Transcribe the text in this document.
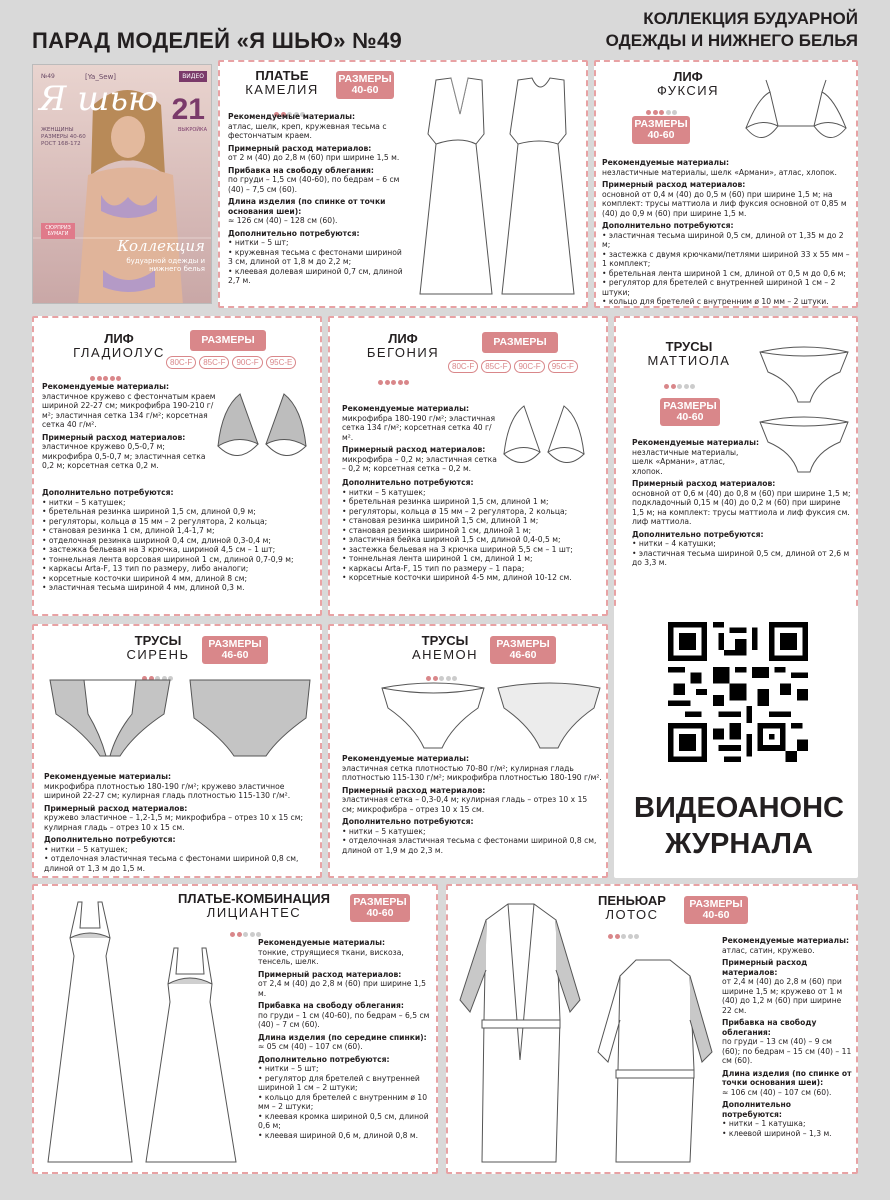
ПАРАД МОДЕЛЕЙ «Я ШЬЮ» №49
КОЛЛЕКЦИЯ БУДУАРНОЙ
ОДЕЖДЫ И НИЖНЕГО БЕЛЬЯ
№49	[Ya_Sew]
Я шью
ВИДЕО
21
ВЫКРОЙКА
ЖЕНЩИНЫ
РАЗМЕРЫ 40-60
РОСТ 168-172
СЮРПРИЗ БУМАГИ
Коллекция
будуарной одежды и нижнего белья
ПЛАТЬЕ
КАМЕЛИЯ
РАЗМЕРЫ
40-60
Рекомендуемые материалы:
атлас, шелк, креп, кружевная тесьма с фестончатым краем.
Примерный расход материалов:
от 2 м (40) до 2,8 м (60) при ширине 1,5 м.
Прибавка на свободу облегания:
по груди – 1,5 см (40-60), по бедрам – 6 см (40) – 7,5 см (60).
Длина изделия (по спинке от точки основания шеи):
≈ 126 см (40) – 128 см (60).
Дополнительно потребуются:
• нитки – 5 шт;
• кружевная тесьма с фестонами шириной 3 см, длиной от 1,8 м до 2,2 м;
• клеевая долевая шириной 0,7 см, длиной 2,7 м.
ЛИФ
ФУКСИЯ
РАЗМЕРЫ
40-60
Рекомендуемые материалы:
незластичные материалы, шелк «Армани», атлас, хлопок.
Примерный расход материалов:
основной от 0,4 м (40) до 0,5 м (60) при ширине 1,5 м; на комплект: трусы маттиола и лиф фуксия основной от 0,85 м (40) до 0,9 м (60) при ширине 1,5 м.
Дополнительно потребуются:
• эластичная тесьма шириной 0,5 см, длиной от 1,35 м до 2 м;
• застежка с двумя крючками/петлями шириной 33 х 55 мм – 1 комплект;
• бретельная лента шириной 1 см, длиной от 0,5 м до 0,6 м;
• регулятор для бретелей с внутренней шириной 1 см – 2 штуки;
• кольцо для бретелей с внутренним ø 10 мм – 2 штуки.
ЛИФ
ГЛАДИОЛУС
РАЗМЕРЫ
80C-F	85C-F	90C-F	95C-E
Рекомендуемые материалы:
эластичное кружево с фестончатым краем шириной 22-27 см; микрофибра 190-210 г/м²; эластичная сетка 134 г/м²; корсетная сетка 40 г/м².
Примерный расход материалов:
эластичное кружево 0,5-0,7 м; микрофибра 0,5-0,7 м; эластичная сетка 0,2 м; корсетная сетка 0,2 м.
Дополнительно потребуются:
• нитки – 5 катушек;
• бретельная резинка шириной 1,5 см, длиной 0,9 м;
• регуляторы, кольца ø 15 мм – 2 регулятора, 2 кольца;
• становая резинка 1 см, длиной 1,4-1,7 м;
• отделочная резинка шириной 0,4 см, длиной 0,3-0,4 м;
• застежка бельевая на 3 крючка, шириной 4,5 см – 1 шт;
• тоннельная лента ворсовая шириной 1 см, длиной 0,7-0,9 м;
• каркасы Arta-F, 13 тип по размеру, либо аналоги;
• корсетные косточки шириной 4 мм, длиной 8 см;
• эластичная тесьма шириной 4 мм, длиной 0,3 м.
ЛИФ
БЕГОНИЯ
РАЗМЕРЫ
80C-F	85C-F	90C-F	95C-F
Рекомендуемые материалы:
микрофибра 180-190 г/м²; эластичная сетка 134 г/м²; корсетная сетка 40 г/м².
Примерный расход материалов:
микрофибра – 0,2 м; эластичная сетка – 0,2 м; корсетная сетка – 0,2 м.
Дополнительно потребуются:
• нитки – 5 катушек;
• бретельная резинка шириной 1,5 см, длиной 1 м;
• регуляторы, кольца ø 15 мм – 2 регулятора, 2 кольца;
• становая резинка шириной 1,5 см, длиной 1 м;
• становая резинка шириной 1 см, длиной 1 м;
• эластичная бейка шириной 1,5 см, длиной 0,4-0,5 м;
• застежка бельевая на 3 крючка шириной 5,5 см – 1 шт;
• тоннельная лента шириной 1 см, длиной 1 м;
• каркасы Arta-F, 15 тип по размеру – 1 пара;
• корсетные косточки шириной 4-5 мм, длиной 10-12 см.
ТРУСЫ
МАТТИОЛА
РАЗМЕРЫ
40-60
Рекомендуемые материалы:
незластичные материалы, шелк «Армани», атлас, хлопок.
Примерный расход материалов:
основной от 0,6 м (40) до 0,8 м (60) при ширине 1,5 м; подкладочный 0,15 м (40) до 0,2 м (60) при ширине 1,5 м; на комплект: трусы маттиола и лиф фуксия см. лиф маттиола.
Дополнительно потребуются:
• нитки – 4 катушки;
• эластичная тесьма шириной 0,5 см, длиной от 2,6 м до 3,3 м.
ТРУСЫ
СИРЕНЬ
РАЗМЕРЫ
46-60
Рекомендуемые материалы:
микрофибра плотностью 180-190 г/м²; кружево эластичное шириной 22-27 см; кулирная гладь плотностью 115-130 г/м².
Примерный расход материалов:
кружево эластичное – 1,2-1,5 м; микрофибра – отрез 10 х 15 см; кулирная гладь – отрез 10 х 15 см.
Дополнительно потребуются:
• нитки – 5 катушек;
• отделочная эластичная тесьма с фестонами шириной 0,8 см, длиной от 1,3 м до 1,5 м.
ТРУСЫ
АНЕМОН
РАЗМЕРЫ
46-60
Рекомендуемые материалы:
эластичная сетка плотностью 70-80 г/м²; кулирная гладь плотностью 115-130 г/м²; микрофибра плотностью 180-190 г/м².
Примерный расход материалов:
эластичная сетка – 0,3-0,4 м; кулирная гладь – отрез 10 х 15 см; микрофибра – отрез 10 х 15 см.
Дополнительно потребуются:
• нитки – 5 катушек;
• отделочная эластичная тесьма с фестонами шириной 0,8 см, длиной от 1,9 м до 2,3 м.
ВИДЕОАНОНС
ЖУРНАЛА
ПЛАТЬЕ-КОМБИНАЦИЯ
ЛИЦИАНТЕС
РАЗМЕРЫ
40-60
Рекомендуемые материалы:
тонкие, струящиеся ткани, вискоза, тенсель, шелк.
Примерный расход материалов:
от 2,4 м (40) до 2,8 м (60) при ширине 1,5 м.
Прибавка на свободу облегания:
по груди – 1 см (40-60), по бедрам – 6,5 см (40) – 7 см (60).
Длина изделия (по середине спинки):
≈ 05 см (40) – 107 см (60).
Дополнительно потребуются:
• нитки – 5 шт;
• регулятор для бретелей с внутренней шириной 1 см – 2 штуки;
• кольцо для бретелей с внутренним ø 10 мм – 2 штуки;
• клеевая кромка шириной 0,5 см, длиной 0,6 м;
• клеевая шириной 0,6 м, длиной 0,8 м.
ПЕНЬЮАР
ЛОТОС
РАЗМЕРЫ
40-60
Рекомендуемые материалы:
атлас, сатин, кружево.
Примерный расход материалов:
от 2,4 м (40) до 2,8 м (60) при ширине 1,5 м; кружево от 1 м (40) до 1,2 м (60) при ширине 22 см.
Прибавка на свободу облегания:
по груди – 13 см (40) – 9 см (60); по бедрам – 15 см (40) – 11 см (60).
Длина изделия (по спинке от точки основания шеи):
≈ 106 см (40) – 107 см (60).
Дополнительно потребуются:
• нитки – 1 катушка;
• клеевой шириной – 1,3 м.
